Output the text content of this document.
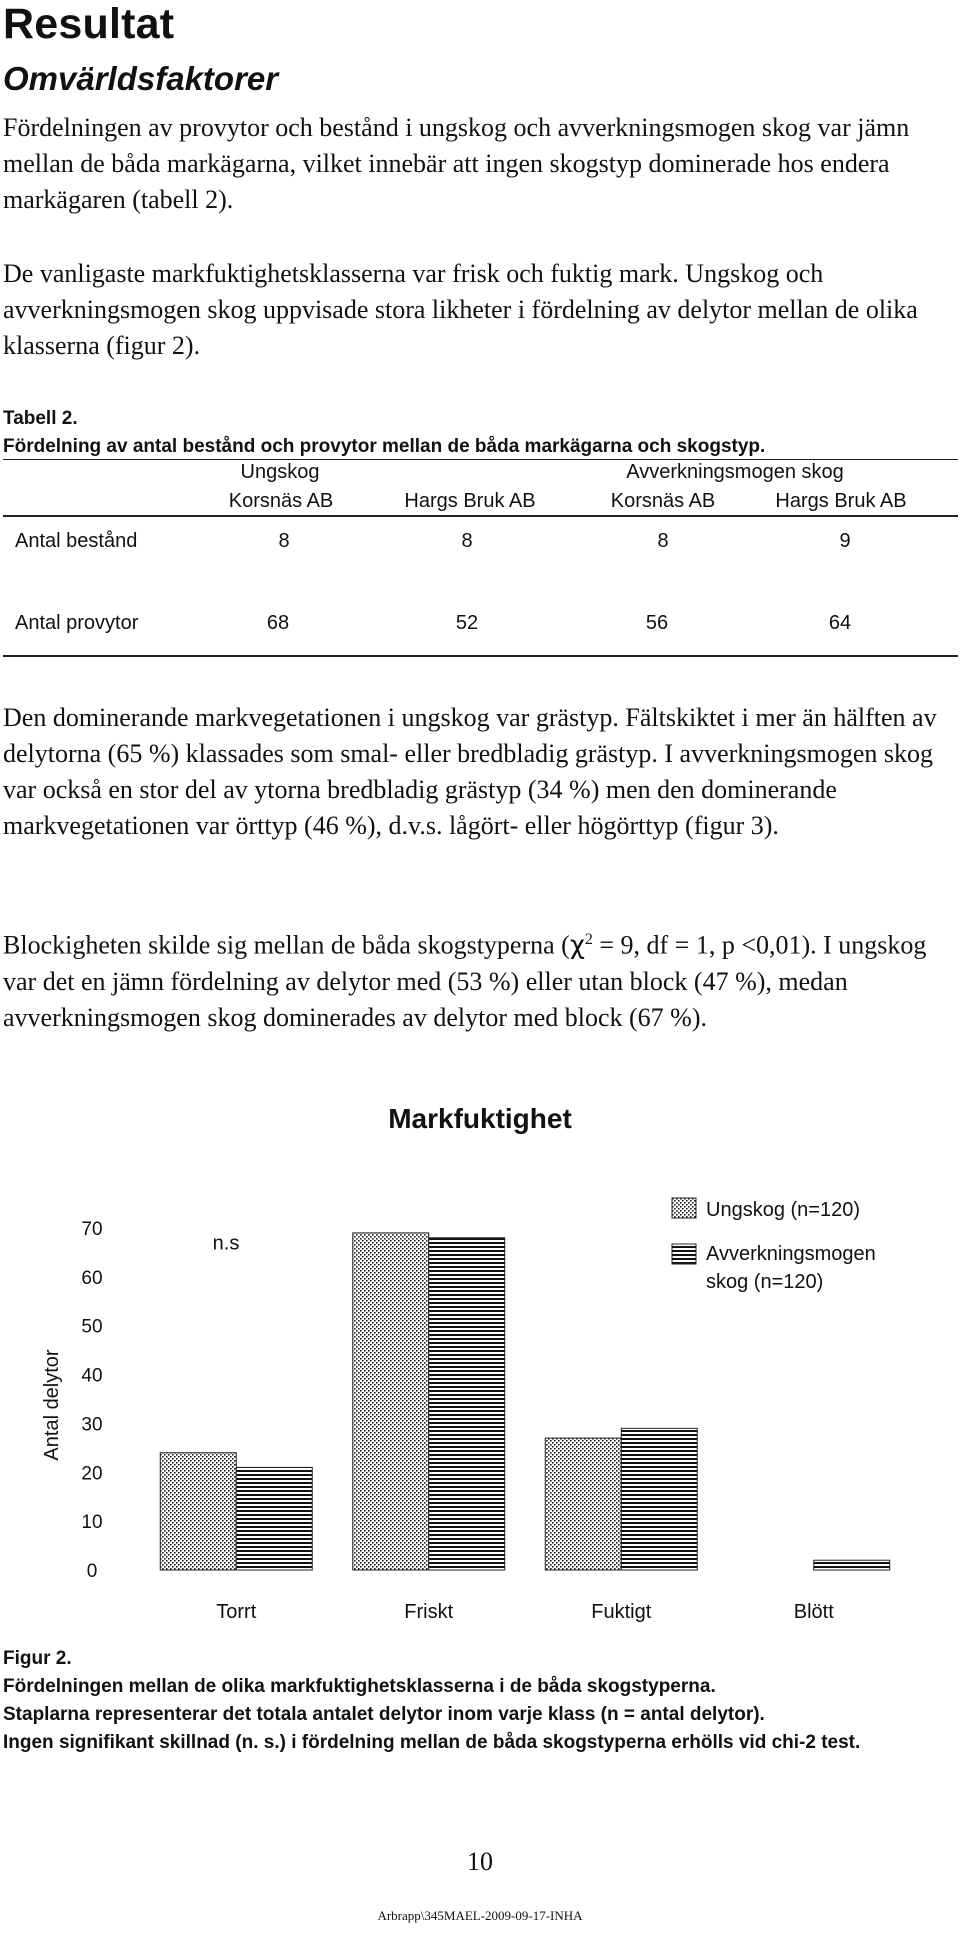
Resultat
Omvärldsfaktorer

Fördelningen av provytor och bestånd i ungskog och avverkningsmogen skog var jämn mellan de båda markägarna, vilket innebär att ingen skogstyp dominerade hos endera markägaren (tabell 2).

De vanligaste markfuktighetsklasserna var frisk och fuktig mark. Ungskog och avverkningsmogen skog uppvisade stora likheter i fördelning av delytor mellan de olika klasserna (figur 2).

Tabell 2.
Fördelning av antal bestånd och provytor mellan de båda markägarna och skogstyp.
Ungskog	Avverkningsmogen skog
Korsnäs AB	Hargs Bruk AB	Korsnäs AB	Hargs Bruk AB
Antal bestånd	8	8	8	9
Antal provytor	68	52	56	64

Den dominerande markvegetationen i ungskog var grästyp. Fältskiktet i mer än hälften av delytorna (65 %) klassades som smal- eller bredbladig grästyp. I avverkningsmogen skog var också en stor del av ytorna bredbladig grästyp (34 %) men den dominerande markvegetationen var örttyp (46 %), d.v.s. lågört- eller högörttyp (figur 3).

Blockigheten skilde sig mellan de båda skogstyperna ($\chi^2 = 9$, df = 1, p <0,01). I ungskog var det en jämn fördelning av delytor med (53 %) eller utan block (47 %), medan avverkningsmogen skog dominerades av delytor med block (67 %).

Markfuktighet
0
10
20
30
40
50
60
70
Antal delytor
Torrt	Friskt	Fuktigt	Blött
n.s
Ungskog (n=120)
Avverkningsmogen
skog (n=120)
Figur 2.
Fördelningen mellan de olika markfuktighetsklasserna i de båda skogstyperna.
Staplarna representerar det totala antalet delytor inom varje klass (n = antal delytor).
Ingen signifikant skillnad (n. s.) i fördelning mellan de båda skogstyperna erhölls vid chi-2 test.
10
Arbrapp\345MAEL-2009-09-17-INHA
